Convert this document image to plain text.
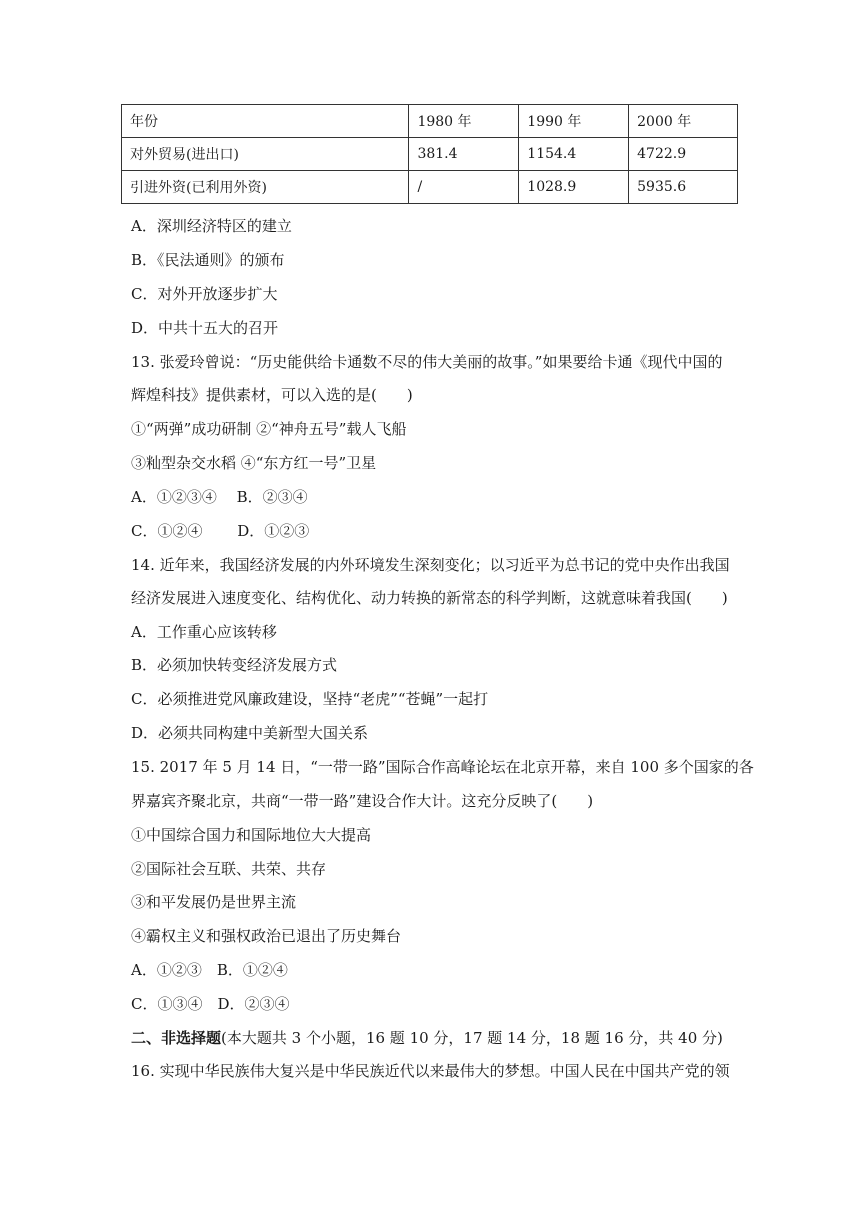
年份	1980 年	1990 年	2000 年
对外贸易(进出口)	381.4	1154.4	4722.9
引进外资(已利用外资)	/	1028.9	5935.6
A．深圳经济特区的建立
B．《民法通则》的颁布
C．对外开放逐步扩大
D．中共十五大的召开
13. 张爱玲曾说：“历史能供给卡通数不尽的伟大美丽的故事。”如果要给卡通《现代中国的
辉煌科技》提供素材，可以入选的是(　　)
①“两弹”成功研制 ②“神舟五号”载人飞船
③籼型杂交水稻 ④“东方红一号”卫星
A．①②③④　 B．②③④
C．①②④　　 D．①②③
14. 近年来，我国经济发展的内外环境发生深刻变化；以习近平为总书记的党中央作出我国
经济发展进入速度变化、结构优化、动力转换的新常态的科学判断，这就意味着我国(　　)
A．工作重心应该转移
B．必须加快转变经济发展方式
C．必须推进党风廉政建设，坚持“老虎”“苍蝇”一起打
D．必须共同构建中美新型大国关系
15. 2017 年 5 月 14 日，“一带一路”国际合作高峰论坛在北京开幕，来自 100 多个国家的各
界嘉宾齐聚北京，共商“一带一路”建设合作大计。这充分反映了(　　)
①中国综合国力和国际地位大大提高
②国际社会互联、共荣、共存
③和平发展仍是世界主流
④霸权主义和强权政治已退出了历史舞台
A．①②③　B．①②④
C．①③④　D．②③④
二、非选择题(本大题共 3 个小题，16 题 10 分，17 题 14 分，18 题 16 分，共 40 分)
16. 实现中华民族伟大复兴是中华民族近代以来最伟大的梦想。中国人民在中国共产党的领
